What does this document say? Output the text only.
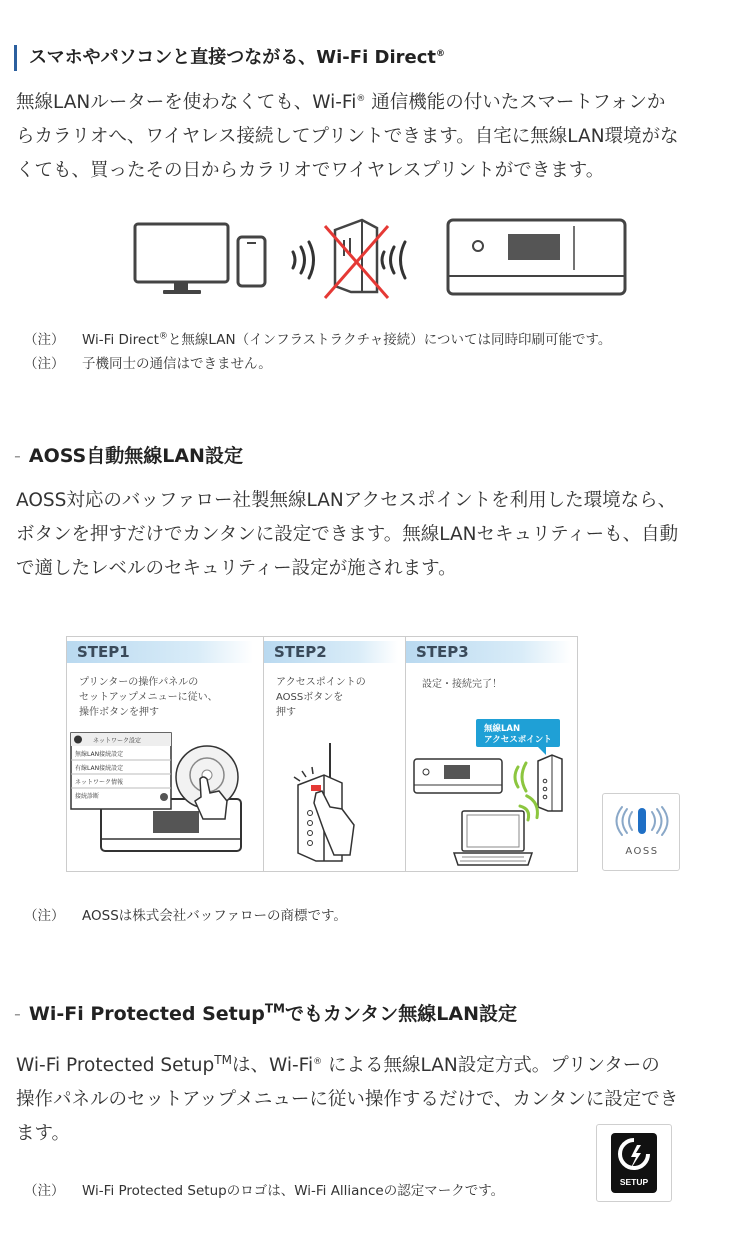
スマホやパソコンと直接つながる、Wi-Fi Direct®
無線LANルーターを使わなくても、Wi-Fi® 通信機能の付いたスマートフォンか
らカラリオへ、ワイヤレス接続してプリントできます。自宅に無線LAN環境がな
くても、買ったその日からカラリオでワイヤレスプリントができます。
（注） Wi-Fi Direct®と無線LAN（インフラストラクチャ接続）については同時印刷可能です。
（注） 子機同士の通信はできません。
- AOSS自動無線LAN設定
AOSS対応のバッファロー社製無線LANアクセスポイントを利用した環境なら、
ボタンを押すだけでカンタンに設定できます。無線LANセキュリティーも、自動
で適したレベルのセキュリティー設定が施されます。
STEP1
プリンターの操作パネルの
セットアップメニューに従い、
操作ボタンを押す
ネットワーク設定
無線LAN接続設定
有線LAN接続設定
ネットワーク情報
接続診断
STEP2
アクセスポイントの
AOSSボタンを
押す
STEP3
設定・接続完了！
無線LAN
アクセスポイント
AOSS
（注） AOSSは株式会社バッファローの商標です。
- Wi-Fi Protected Setup™でもカンタン無線LAN設定
Wi-Fi Protected Setup™は、Wi-Fi® による無線LAN設定方式。プリンターの
操作パネルのセットアップメニューに従い操作するだけで、カンタンに設定でき
ます。
（注） Wi-Fi Protected Setupのロゴは、Wi-Fi Allianceの認定マークです。
SETUP
